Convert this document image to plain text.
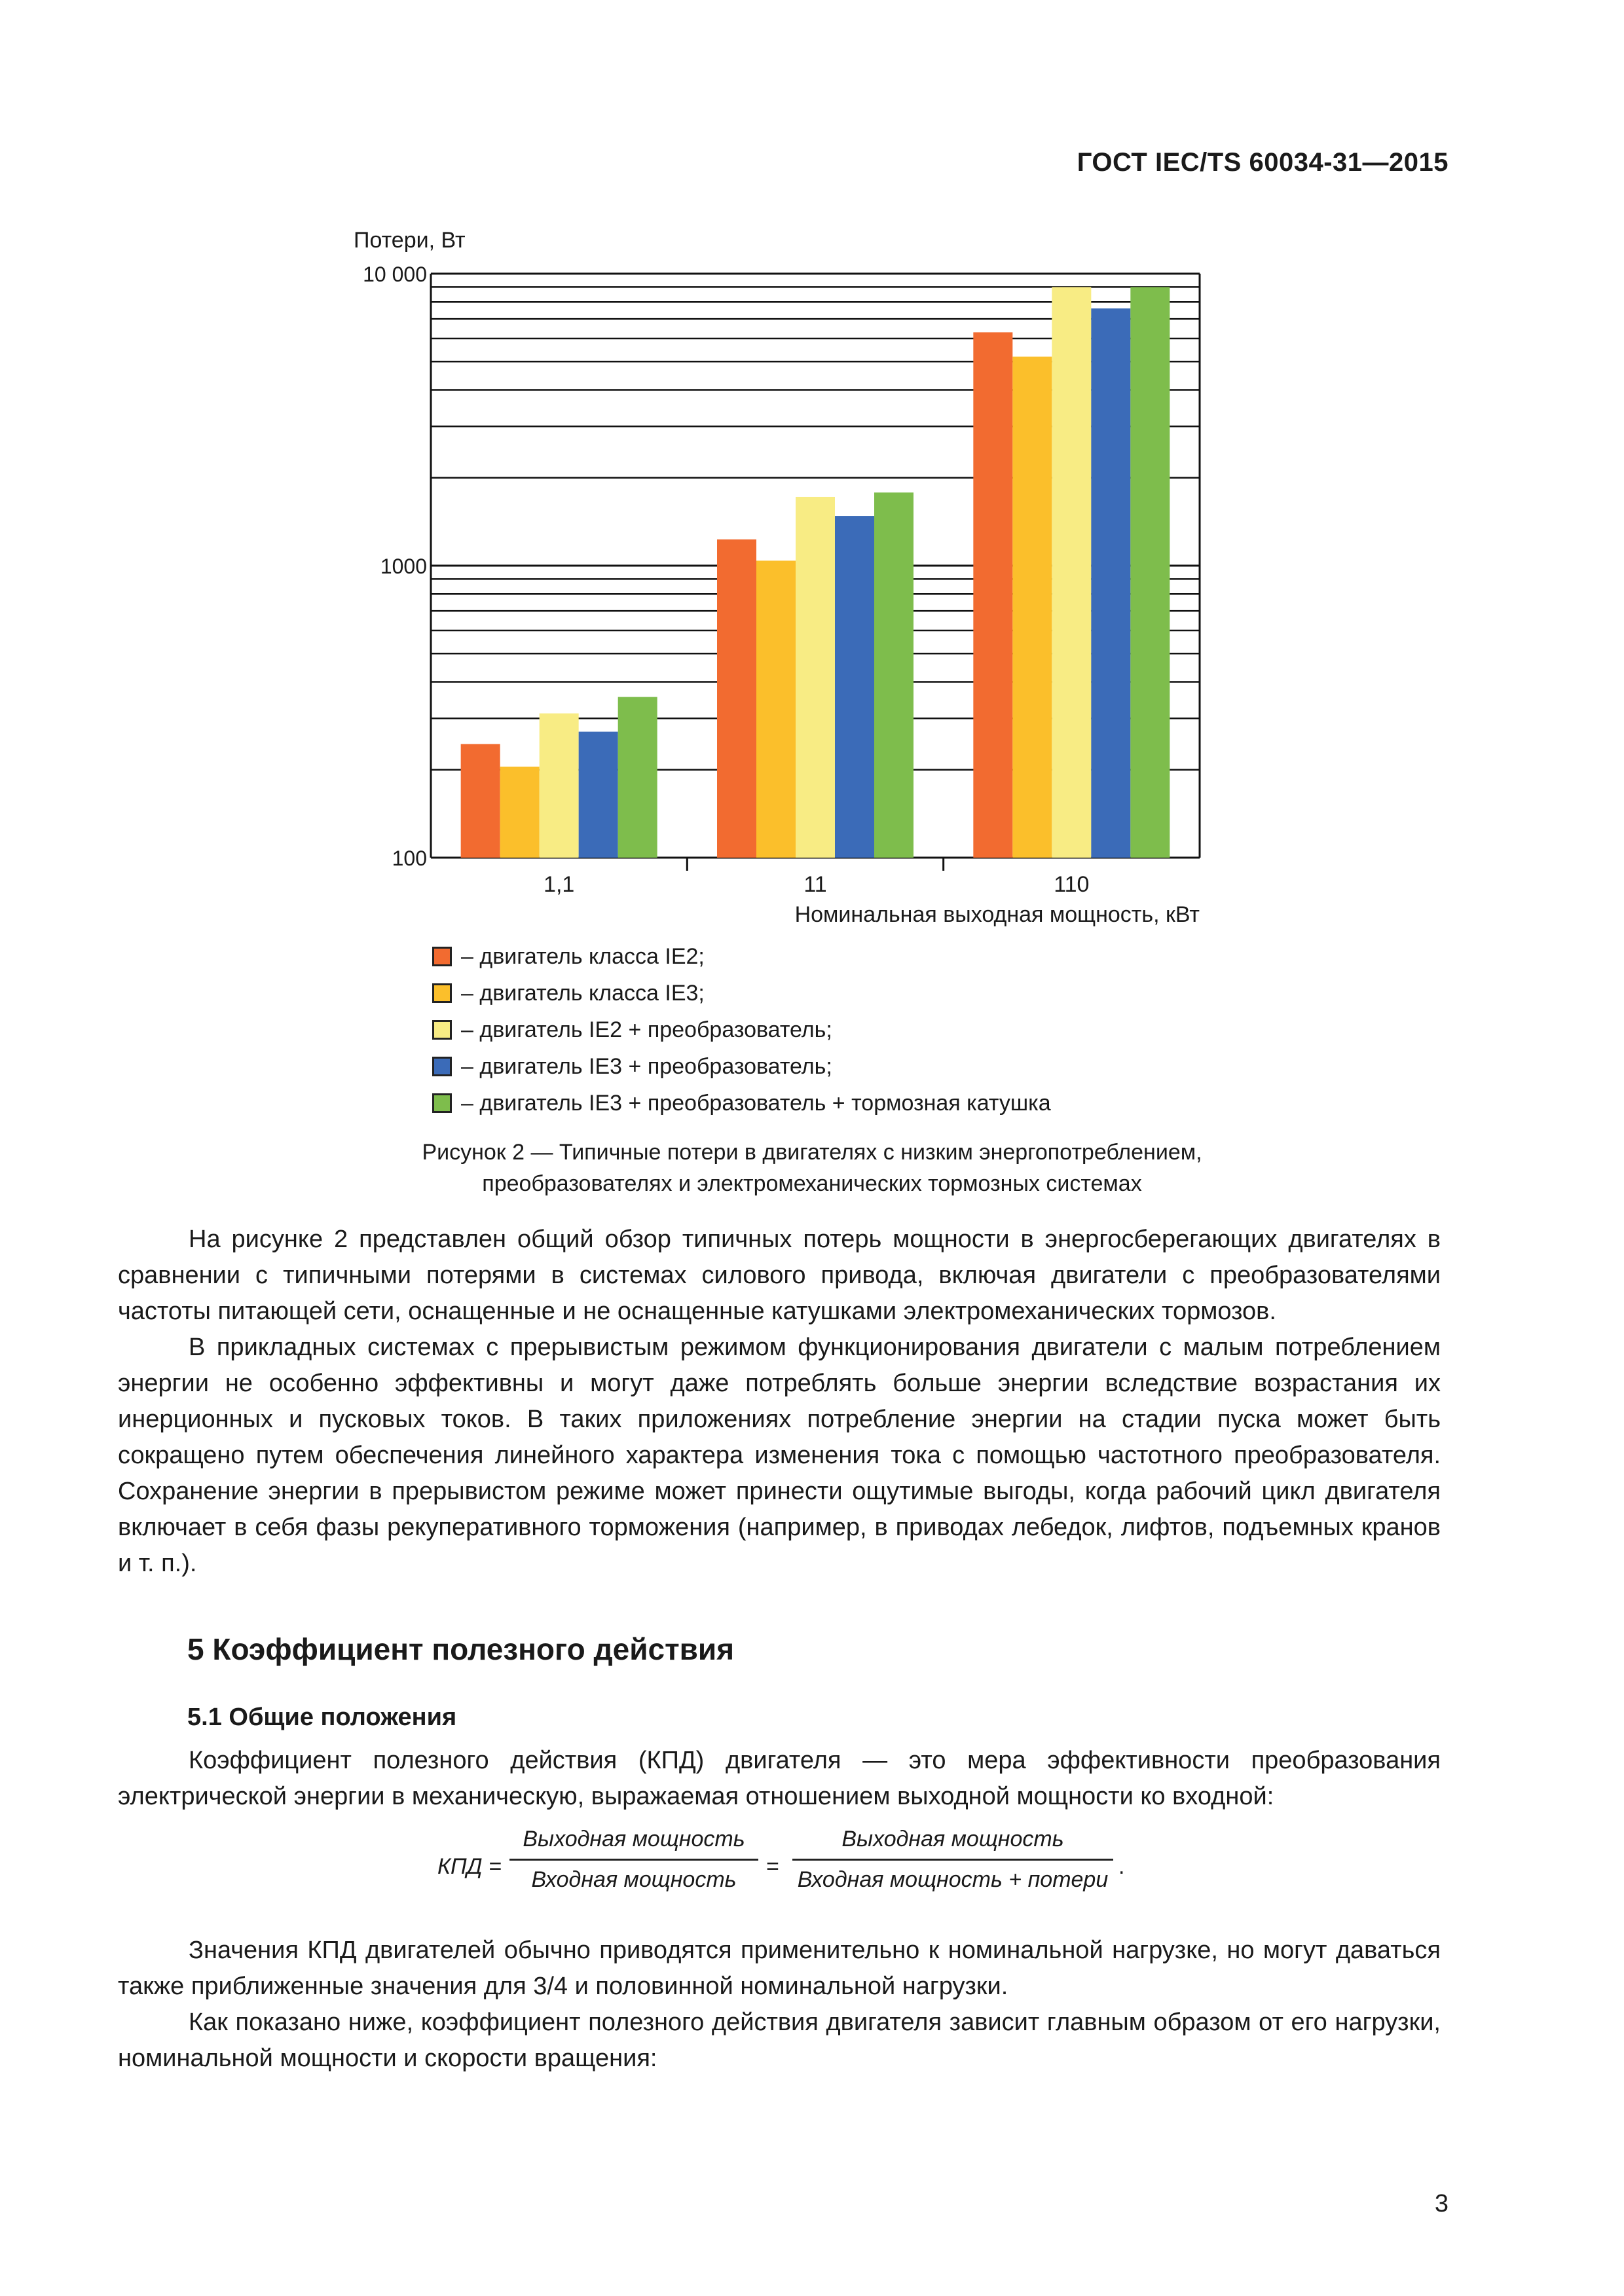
ГОСТ IEC/TS 60034-31—2015
Потери, Вт
10 000
1000
100
1,1	11	110
Номинальная выходная мощность, кВт
– двигатель класса IE2;
– двигатель класса IE3;
– двигатель IE2 + преобразователь;
– двигатель IE3 + преобразователь;
– двигатель IE3 + преобразователь + тормозная катушка
Рисунок 2 — Типичные потери в двигателях с низким энергопотреблением,
преобразователях и электромеханических тормозных системах

На рисунке 2 представлен общий обзор типичных потерь мощности в энергосберегающих двигателях в сравнении с типичными потерями в системах силового привода, включая двигатели с преобразователями частоты питающей сети, оснащенные и не оснащенные катушками электромеханических тормозов.

В прикладных системах с прерывистым режимом функционирования двигатели с малым потреблением энергии не особенно эффективны и могут даже потреблять больше энергии вследствие возрастания их инерционных и пусковых токов. В таких приложениях потребление энергии на стадии пуска может быть сокращено путем обеспечения линейного характера изменения тока с помощью частотного преобразователя. Сохранение энергии в прерывистом режиме может принести ощутимые выгоды, когда рабочий цикл двигателя включает в себя фазы рекуперативного торможения (например, в приводах лебедок, лифтов, подъемных кранов и т. п.).

5 Коэффициент полезного действия
5.1 Общие положения

Коэффициент полезного действия (КПД) двигателя — это мера эффективности преобразования электрической энергии в механическую, выражаемая отношением выходной мощности ко входной:

КПД =
Выходная мощность
Входная мощность
=
Выходная мощность
Входная мощность + потери
.

Значения КПД двигателей обычно приводятся применительно к номинальной нагрузке, но могут даваться также приближенные значения для 3/4 и половинной номинальной нагрузки.

Как показано ниже, коэффициент полезного действия двигателя зависит главным образом от его нагрузки, номинальной мощности и скорости вращения:

3
